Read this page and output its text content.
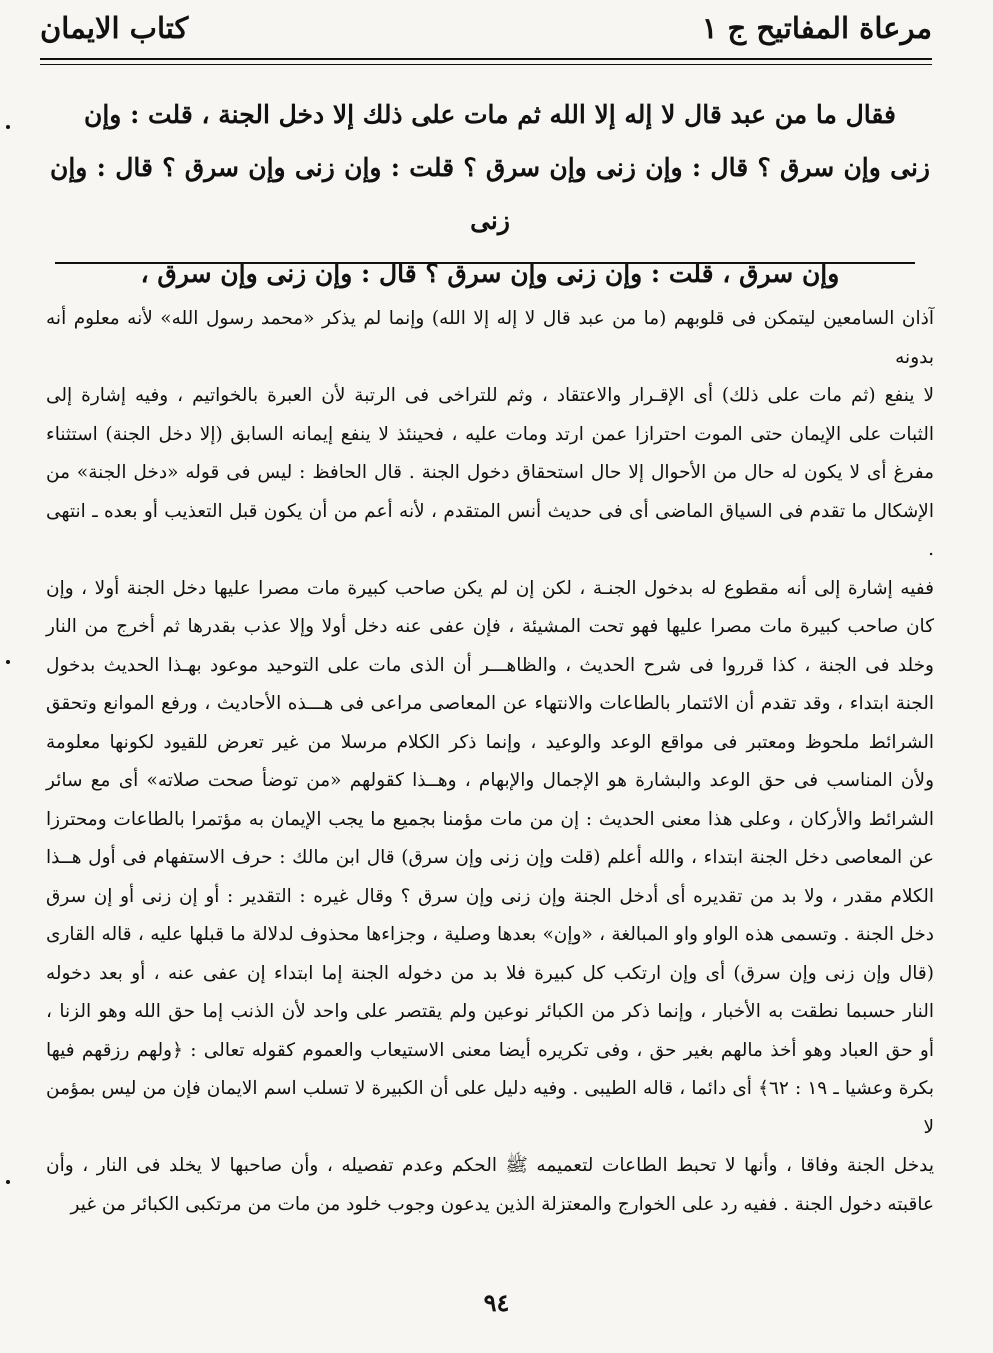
مرعاة المفاتيح ج ١
كتاب الايمان

فقال ما من عبد قال لا إله إلا الله ثم مات على ذلك إلا دخل الجنة ، قلت : وإن

زنى وإن سرق ؟ قال : وإن زنى وإن سرق ؟ قلت : وإن زنى وإن سرق ؟ قال : وإن زنى

وإن سرق ، قلت : وإن زنى وإن سرق ؟ قال : وإن زنى وإن سرق ،

آذان السامعين ليتمكن فى قلوبهم (ما من عبد قال لا إله إلا الله) وإنما لم يذكر «محمد رسول الله» لأنه معلوم أنه بدونه

لا ينفع (ثم مات على ذلك) أى الإقـرار والاعتقاد ، وثم للتراخى فى الرتبة لأن العبرة بالخواتيم ، وفيه إشارة إلى

الثبات على الإيمان حتى الموت احترازا عمن ارتد ومات عليه ، فحينئذ لا ينفع إيمانه السابق (إلا دخل الجنة) استثناء

مفرغ أى لا يكون له حال من الأحوال إلا حال استحقاق دخول الجنة . قال الحافظ : ليس فى قوله «دخل الجنة» من

الإشكال ما تقدم فى السياق الماضى أى فى حديث أنس المتقدم ، لأنه أعم من أن يكون قبل التعذيب أو بعده ـ انتهى .

ففيه إشارة إلى أنه مقطوع له بدخول الجنـة ، لكن إن لم يكن صاحب كبيرة مات مصرا عليها دخل الجنة أولا ، وإن

كان صاحب كبيرة مات مصرا عليها فهو تحت المشيئة ، فإن عفى عنه دخل أولا وإلا عذب بقدرها ثم أخرج من النار

وخلد فى الجنة ، كذا قرروا فى شرح الحديث ، والظاهـــر أن الذى مات على التوحيد موعود بهـذا الحديث بدخول

الجنة ابتداء ، وقد تقدم أن الائتمار بالطاعات والانتهاء عن المعاصى مراعى فى هـــذه الأحاديث ، ورفع الموانع وتحقق

الشرائط ملحوظ ومعتبر فى مواقع الوعد والوعيد ، وإنما ذكر الكلام مرسلا من غير تعرض للقيود لكونها معلومة

ولأن المناسب فى حق الوعد والبشارة هو الإجمال والإبهام ، وهــذا كقولهم «من توضأ صحت صلاته» أى مع سائر

الشرائط والأركان ، وعلى هذا معنى الحديث : إن من مات مؤمنا بجميع ما يجب الإيمان به مؤتمرا بالطاعات ومحترزا

عن المعاصى دخل الجنة ابتداء ، والله أعلم (قلت وإن زنى وإن سرق) قال ابن مالك : حرف الاستفهام فى أول هــذا

الكلام مقدر ، ولا بد من تقديره أى أدخل الجنة وإن زنى وإن سرق ؟ وقال غيره : التقدير : أو إن زنى أو إن سرق

دخل الجنة . وتسمى هذه الواو واو المبالغة ، «وإن» بعدها وصلية ، وجزاءها محذوف لدلالة ما قبلها عليه ، قاله القارى

(قال وإن زنى وإن سرق) أى وإن ارتكب كل كبيرة فلا بد من دخوله الجنة إما ابتداء إن عفى عنه ، أو بعد دخوله

النار حسبما نطقت به الأخبار ، وإنما ذكر من الكبائر نوعين ولم يقتصر على واحد لأن الذنب إما حق الله وهو الزنا ،

أو حق العباد وهو أخذ مالهم بغير حق ، وفى تكريره أيضا معنى الاستيعاب والعموم كقوله تعالى : ﴿ولهم رزقهم فيها

بكرة وعشيا ـ ١٩ : ٦٢﴾ أى دائما ، قاله الطيبى . وفيه دليل على أن الكبيرة لا تسلب اسم الايمان فإن من ليس بمؤمن لا

يدخل الجنة وفاقا ، وأنها لا تحبط الطاعات لتعميمه ﷺ الحكم وعدم تفصيله ، وأن صاحبها لا يخلد فى النار ، وأن

عاقبته دخول الجنة . ففيه رد على الخوارج والمعتزلة الذين يدعون وجوب خلود من مات من مرتكبى الكبائر من غير

٩٤
